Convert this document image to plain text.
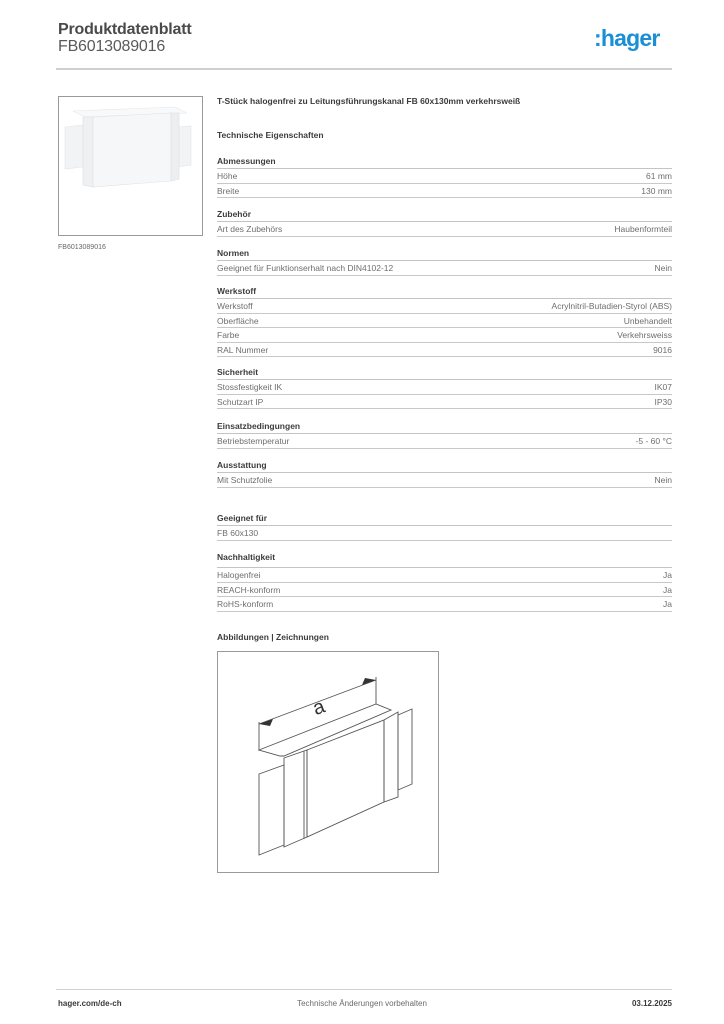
Produktdatenblatt
FB6013089016	:hager
FB6013089016
T-Stück halogenfrei zu Leitungsführungskanal FB 60x130mm verkehrsweiß
Technische Eigenschaften
Abmessungen
Höhe	61 mm
Breite	130 mm
Zubehör
Art des Zubehörs	Haubenformteil
Normen
Geeignet für Funktionserhalt nach DIN4102-12	Nein
Werkstoff
Werkstoff	Acrylnitril-Butadien-Styrol (ABS)
Oberfläche	Unbehandelt
Farbe	Verkehrsweiss
RAL Nummer	9016
Sicherheit
Stossfestigkeit IK	IK07
Schutzart IP	IP30
Einsatzbedingungen
Betriebstemperatur	-5 - 60 °C
Ausstattung
Mit Schutzfolie	Nein
Geeignet für
FB 60x130
Nachhaltigkeit
Halogenfrei	Ja
REACH-konform	Ja
RoHS-konform	Ja
Abbildungen | Zeichnungen
a
hager.com/de-ch	Technische Änderungen vorbehalten	03.12.2025
